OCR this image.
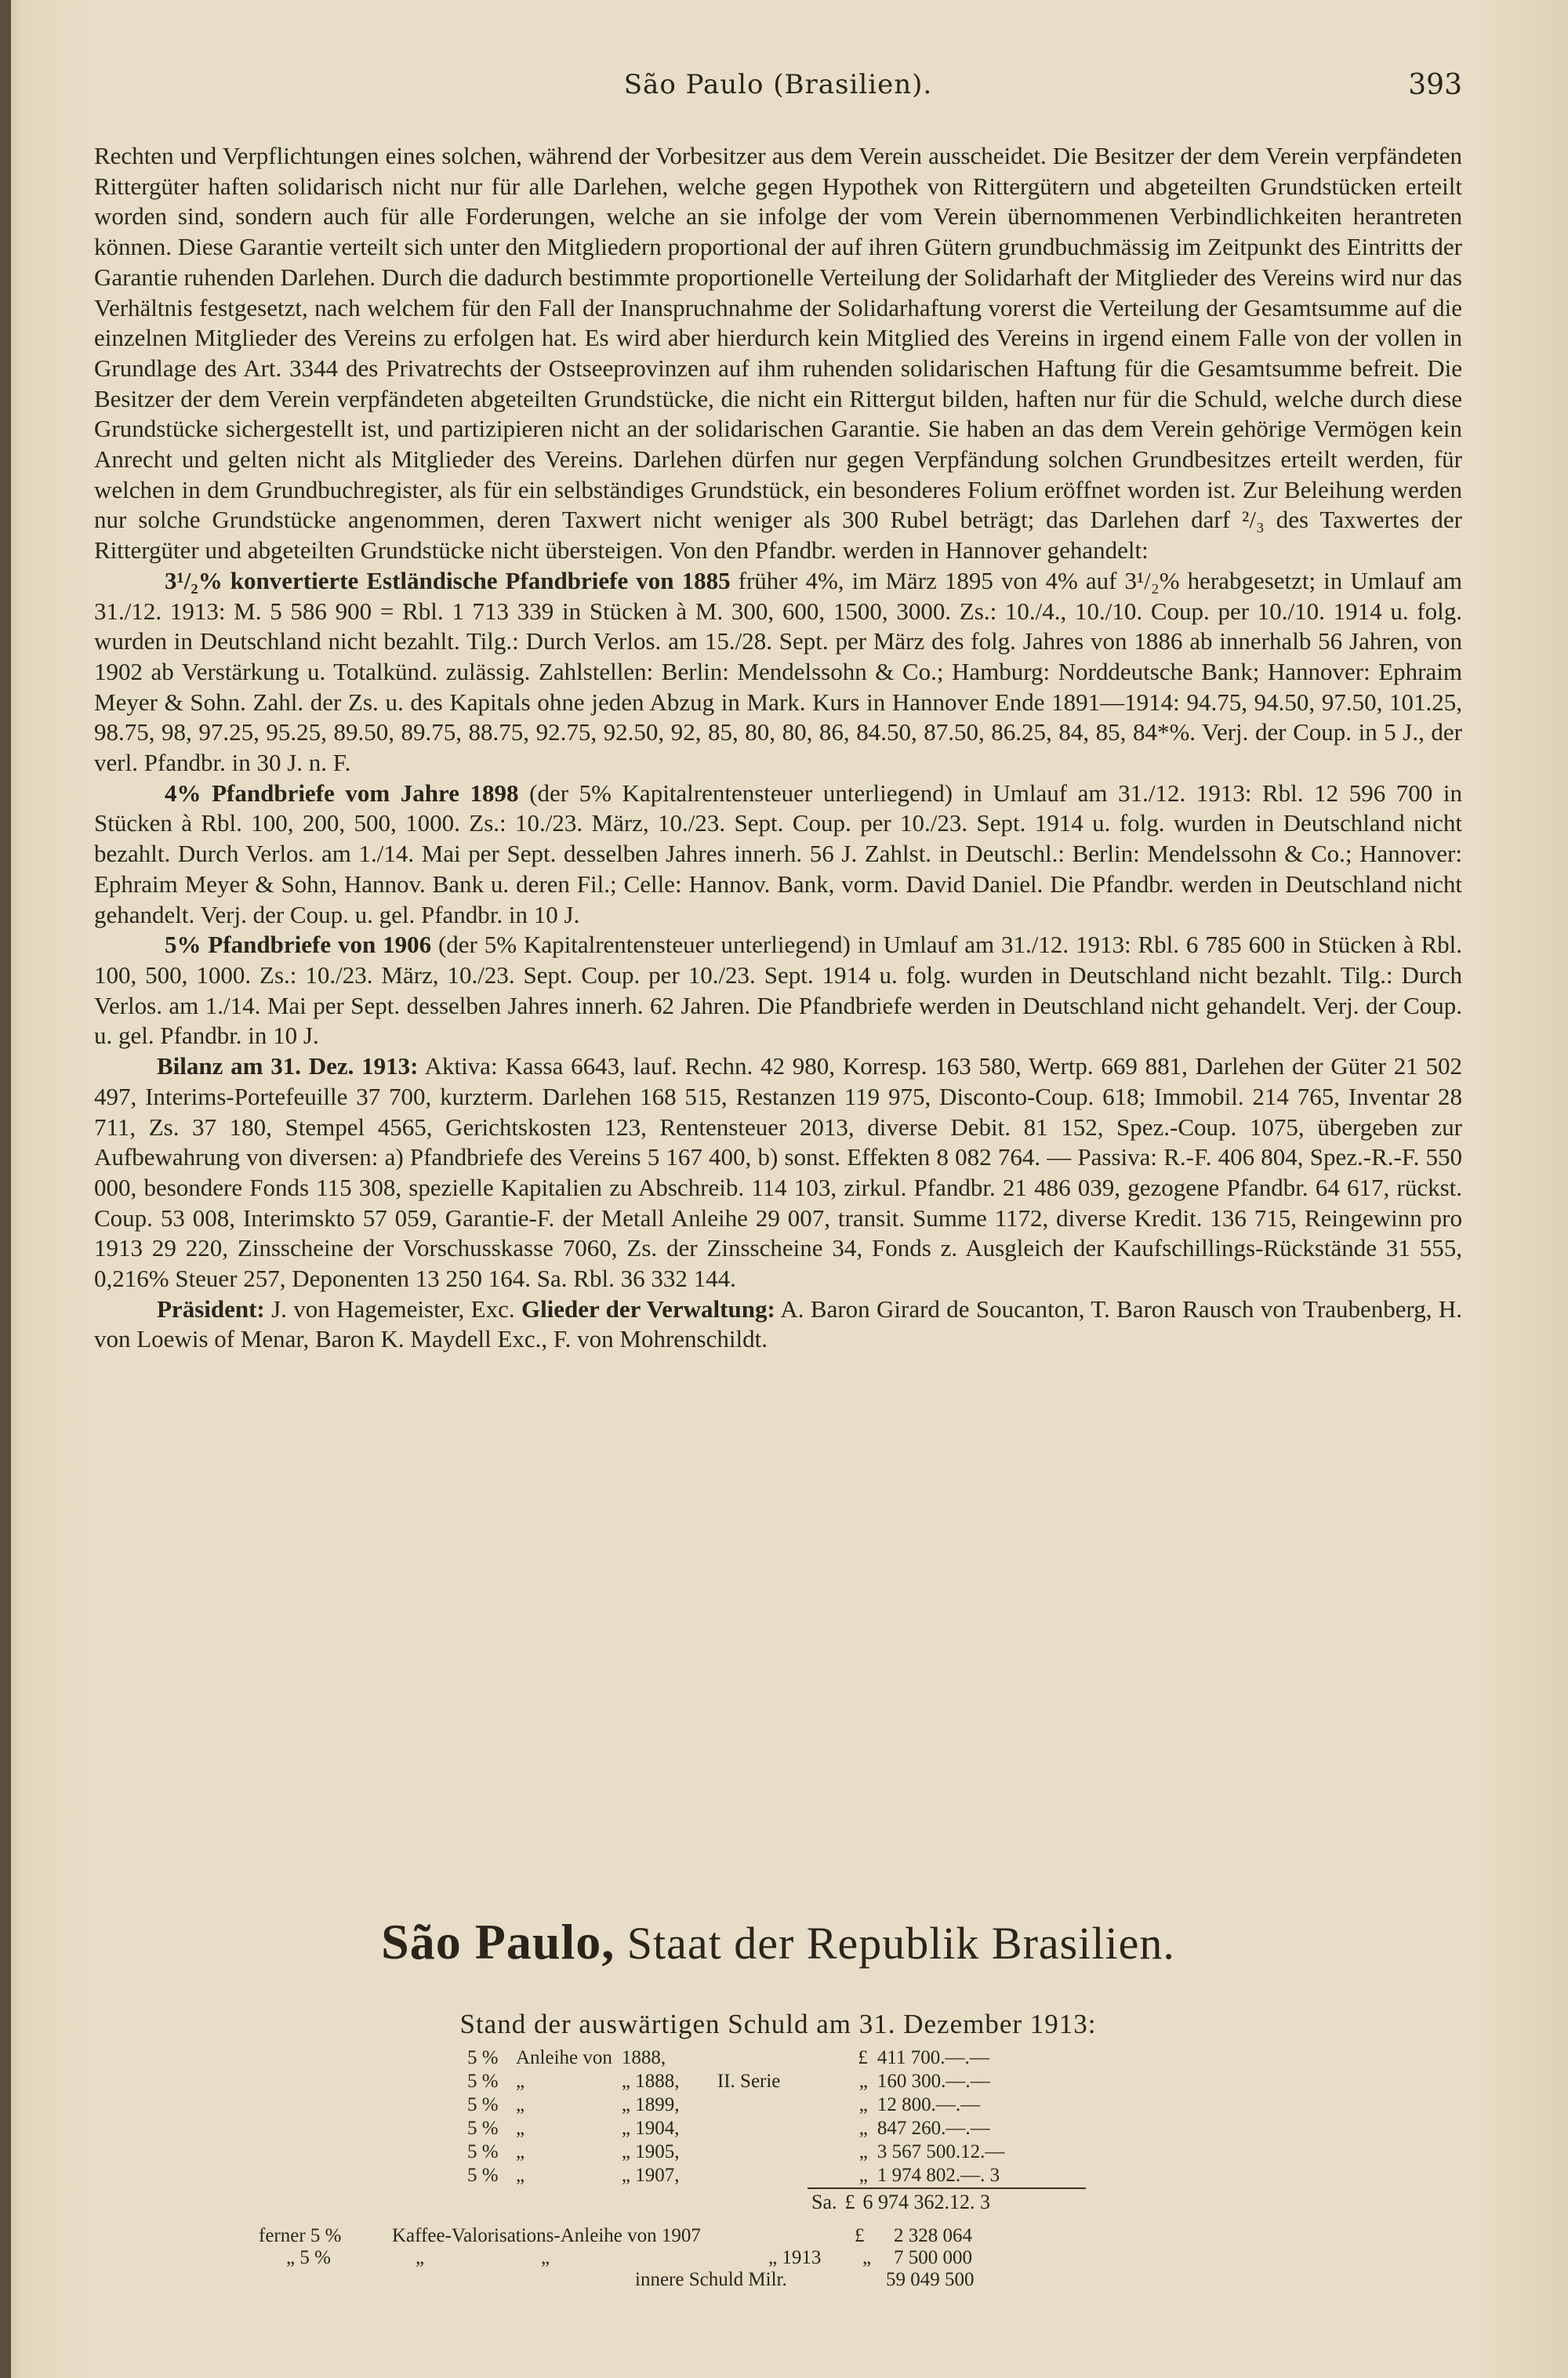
São Paulo (Brasilien).	393

Rechten und Verpflichtungen eines solchen, während der Vorbesitzer aus dem Verein ausscheidet. Die Besitzer der dem Verein verpfändeten Rittergüter haften solidarisch nicht nur für alle Darlehen, welche gegen Hypothek von Rittergütern und abgeteilten Grundstücken erteilt worden sind, sondern auch für alle Forderungen, welche an sie infolge der vom Verein übernommenen Verbindlichkeiten herantreten können. Diese Garantie verteilt sich unter den Mitgliedern proportional der auf ihren Gütern grundbuchmässig im Zeitpunkt des Eintritts der Garantie ruhenden Darlehen. Durch die dadurch bestimmte proportionelle Verteilung der Solidarhaft der Mitglieder des Vereins wird nur das Verhältnis festgesetzt, nach welchem für den Fall der Inanspruchnahme der Solidarhaftung vorerst die Verteilung der Gesamtsumme auf die einzelnen Mitglieder des Vereins zu erfolgen hat. Es wird aber hierdurch kein Mitglied des Vereins in irgend einem Falle von der vollen in Grundlage des Art. 3344 des Privatrechts der Ostseeprovinzen auf ihm ruhenden solidarischen Haftung für die Gesamtsumme befreit. Die Besitzer der dem Verein verpfändeten abgeteilten Grundstücke, die nicht ein Rittergut bilden, haften nur für die Schuld, welche durch diese Grundstücke sichergestellt ist, und partizipieren nicht an der solidarischen Garantie. Sie haben an das dem Verein gehörige Vermögen kein Anrecht und gelten nicht als Mitglieder des Vereins. Darlehen dürfen nur gegen Verpfändung solchen Grundbesitzes erteilt werden, für welchen in dem Grundbuchregister, als für ein selbständiges Grundstück, ein besonderes Folium eröffnet worden ist. Zur Beleihung werden nur solche Grundstücke angenommen, deren Taxwert nicht weniger als 300 Rubel beträgt; das Darlehen darf ²/₃ des Taxwertes der Rittergüter und abgeteilten Grundstücke nicht übersteigen. Von den Pfandbr. werden in Hannover gehandelt:

3¹/₂% konvertierte Estländische Pfandbriefe von 1885 früher 4%, im März 1895 von 4% auf 3¹/₂% herabgesetzt; in Umlauf am 31./12. 1913: M. 5 586 900 = Rbl. 1 713 339 in Stücken à M. 300, 600, 1500, 3000. Zs.: 10./4., 10./10. Coup. per 10./10. 1914 u. folg. wurden in Deutschland nicht bezahlt. Tilg.: Durch Verlos. am 15./28. Sept. per März des folg. Jahres von 1886 ab innerhalb 56 Jahren, von 1902 ab Verstärkung u. Totalkünd. zulässig. Zahlstellen: Berlin: Mendelssohn & Co.; Hamburg: Norddeutsche Bank; Hannover: Ephraim Meyer & Sohn. Zahl. der Zs. u. des Kapitals ohne jeden Abzug in Mark. Kurs in Hannover Ende 1891—1914: 94.75, 94.50, 97.50, 101.25, 98.75, 98, 97.25, 95.25, 89.50, 89.75, 88.75, 92.75, 92.50, 92, 85, 80, 80, 86, 84.50, 87.50, 86.25, 84, 85, 84*%. Verj. der Coup. in 5 J., der verl. Pfandbr. in 30 J. n. F.

4% Pfandbriefe vom Jahre 1898 (der 5% Kapitalrentensteuer unterliegend) in Umlauf am 31./12. 1913: Rbl. 12 596 700 in Stücken à Rbl. 100, 200, 500, 1000. Zs.: 10./23. März, 10./23. Sept. Coup. per 10./23. Sept. 1914 u. folg. wurden in Deutschland nicht bezahlt. Durch Verlos. am 1./14. Mai per Sept. desselben Jahres innerh. 56 J. Zahlst. in Deutschl.: Berlin: Mendelssohn & Co.; Hannover: Ephraim Meyer & Sohn, Hannov. Bank u. deren Fil.; Celle: Hannov. Bank, vorm. David Daniel. Die Pfandbr. werden in Deutschland nicht gehandelt. Verj. der Coup. u. gel. Pfandbr. in 10 J.

5% Pfandbriefe von 1906 (der 5% Kapitalrentensteuer unterliegend) in Umlauf am 31./12. 1913: Rbl. 6 785 600 in Stücken à Rbl. 100, 500, 1000. Zs.: 10./23. März, 10./23. Sept. Coup. per 10./23. Sept. 1914 u. folg. wurden in Deutschland nicht bezahlt. Tilg.: Durch Verlos. am 1./14. Mai per Sept. desselben Jahres innerh. 62 Jahren. Die Pfandbriefe werden in Deutschland nicht gehandelt. Verj. der Coup. u. gel. Pfandbr. in 10 J.

Bilanz am 31. Dez. 1913: Aktiva: Kassa 6643, lauf. Rechn. 42 980, Korresp. 163 580, Wertp. 669 881, Darlehen der Güter 21 502 497, Interims-Portefeuille 37 700, kurzterm. Darlehen 168 515, Restanzen 119 975, Disconto-Coup. 618; Immobil. 214 765, Inventar 28 711, Zs. 37 180, Stempel 4565, Gerichtskosten 123, Rentensteuer 2013, diverse Debit. 81 152, Spez.-Coup. 1075, übergeben zur Aufbewahrung von diversen: a) Pfandbriefe des Vereins 5 167 400, b) sonst. Effekten 8 082 764. — Passiva: R.-F. 406 804, Spez.-R.-F. 550 000, besondere Fonds 115 308, spezielle Kapitalien zu Abschreib. 114 103, zirkul. Pfandbr. 21 486 039, gezogene Pfandbr. 64 617, rückst. Coup. 53 008, Interimskto 57 059, Garantie-F. der Metall Anleihe 29 007, transit. Summe 1172, diverse Kredit. 136 715, Reingewinn pro 1913 29 220, Zinsscheine der Vorschusskasse 7060, Zs. der Zinsscheine 34, Fonds z. Ausgleich der Kaufschillings-Rückstände 31 555, 0,216% Steuer 257, Deponenten 13 250 164. Sa. Rbl. 36 332 144.

Präsident: J. von Hagemeister, Exc. Glieder der Verwaltung: A. Baron Girard de Soucanton, T. Baron Rausch von Traubenberg, H. von Loewis of Menar, Baron K. Maydell Exc., F. von Mohrenschildt.

São Paulo, Staat der Republik Brasilien.
Stand der auswärtigen Schuld am 31. Dezember 1913:
5 %	Anleihe von	1888,		£	411 700.—.—
5 %	„	„ 1888,	II. Serie	„	160 300.—.—
5 %	„	„ 1899,		„	12 800.—.—
5 %	„	„ 1904,		„	847 260.—.—
5 %	„	„ 1905,		„	3 567 500.12.—
5 %	„	„ 1907,		„	1 974 802.—. 3
Sa. £ 6 974 362.12. 3
ferner 5 %	Kaffee-Valorisations-Anleihe von 1907	£ 2 328 064
„ 5 %	„	„	„ 1913 „ 7 500 000
innere Schuld Milr.	59 049 500
